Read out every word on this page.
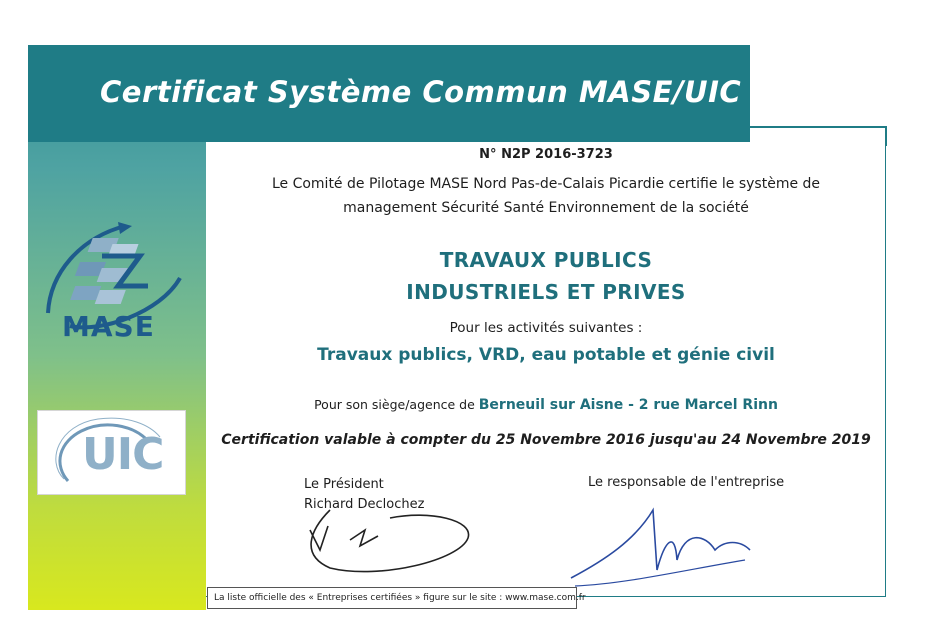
Certificat Système Commun MASE/UIC
MASE
UIC
N° N2P 2016-3723
Le Comité de Pilotage MASE Nord Pas-de-Calais Picardie certifie le système de
management Sécurité Santé Environnement de la société
TRAVAUX PUBLICS
INDUSTRIELS ET PRIVES
Pour les activités suivantes :
Travaux publics, VRD, eau potable et génie civil
Pour son siège/agence de Berneuil sur Aisne - 2 rue Marcel Rinn
Certification valable à compter du 25 Novembre 2016 jusqu'au 24 Novembre 2019
Le Président
Richard Declochez
Le responsable de l'entreprise
La liste officielle des « Entreprises certifiées » figure sur le site : www.mase.com.fr
